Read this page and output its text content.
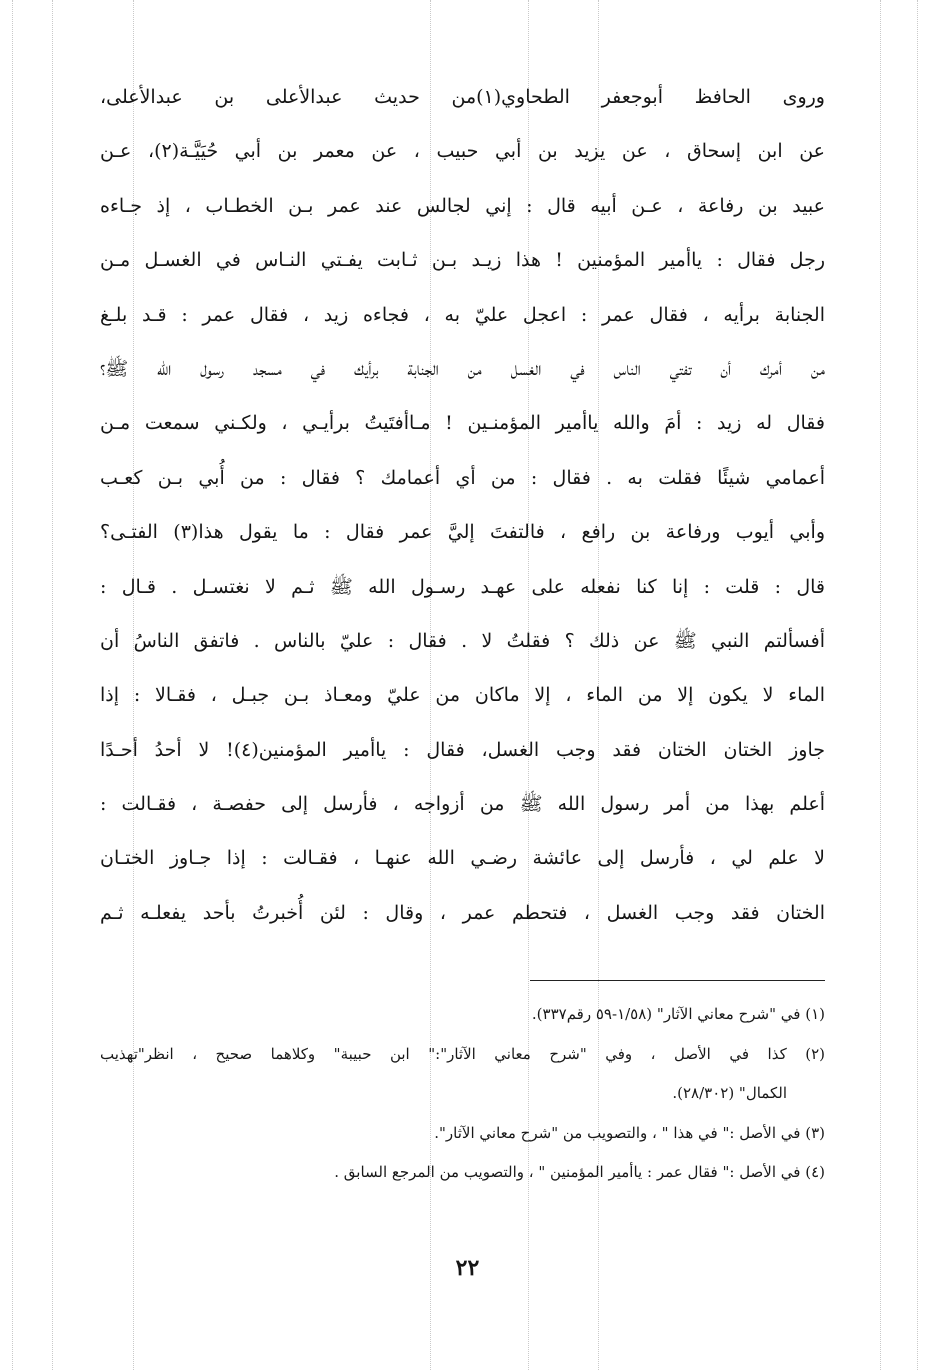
وروى الحافظ أبوجعفر الطحاوي(١)من حديث عبدالأعلى بن عبدالأعلى،
عن ابن إسحاق ، عن يزيد بن أبي حبيب ، عن معمر بن أبي حُيَيَّـة(٢)، عـن
عبيد بن رفاعة ، عـن أبيه قال : إني لجالس عند عمر بـن الخطـاب ، إذ جـاءه
رجل فقال : ياأمير المؤمنين ! هذا زيـد بـن ثـابت يفـتي النـاس في الغسـل مـن
الجنابة برأيه ، فقال عمر : اعجل عليّ به ، فجاءه زيد ، فقال عمر : قـد بلـغ
من أمرك أن تفتي الناس في الغسل من الجنابة برأيك في مسجد رسول الله ﷺ؟
فقال له زيد : أمَ والله ياأمير المؤمنـين ! مـاأفتَيتُ برأيـي ، ولكـني سمعت مـن
أعمامي شيئًا فقلت به . فقال : من أي أعمامك ؟ فقال : من أُبي بـن كعـب
وأبي أيوب ورفاعة بن رافع ، فالتفتَ إليَّ عمر فقال : ما يقول هذا(٣) الفتـى؟
قال : قلت : إنا كنا نفعله على عهـد رسـول الله ﷺ ثـم لا نغتسـل . قـال :
أفسألتم النبي ﷺ عن ذلك ؟ فقلتُ لا . فقال : عليّ بالناس . فاتفق الناسُ أن
الماء لا يكون إلا من الماء ، إلا ماكان من عليّ ومعـاذ بـن جبـل ، فقـالا : إذا
جاوز الختان الختان فقد وجب الغسل، فقال : ياأمير المؤمنين(٤)! لا أحدُ أحـدًا
أعلم بهذا من أمر رسول الله ﷺ من أزواجه ، فأرسل إلى حفصـة ، فقـالت :
لا علم لي ، فأرسل إلى عائشة رضـي الله عنهـا ، فقـالت : إذا جـاوز الختـان
الختان فقد وجب الغسل ، فتحطم عمر ، وقال : لئن أُخبرتُ بأحد يفعلـه ثـم
(١) في "شرح معاني الآثار" (١/٥٨-٥٩ رقم٣٣٧).
(٢) كذا في الأصل ، وفي "شرح معاني الآثار":" ابن حبيبة" وكلاهما صحيح ، انظر"تهذيب
الكمال" (٢٨/٣٠٢).
(٣) في الأصل :" في هذا " ، والتصويب من "شرح معاني الآثار".
(٤) في الأصل :" فقال عمر : ياأمير المؤمنين " ، والتصويب من المرجع السابق .
٢٢
